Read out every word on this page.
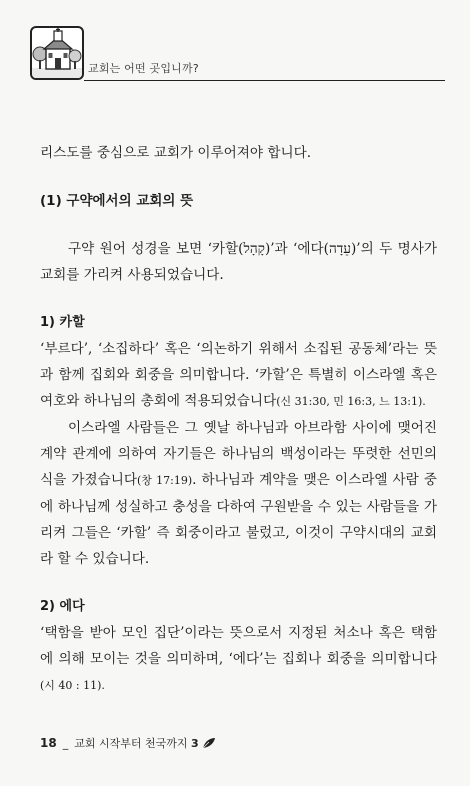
교회는 어떤 곳입니까?

리스도를 중심으로 교회가 이루어져야 합니다.

(1) 구약에서의 교회의 뜻

구약 원어 성경을 보면 ‘카할(קָהָל)’과 ‘에다(עֵדָה)’의 두 명사가 교회를 가리켜 사용되었습니다.

1) 카할

‘부르다’, ‘소집하다’ 혹은 ‘의논하기 위해서 소집된 공동체’라는 뜻과 함께 집회와 회중을 의미합니다. ‘카할’은 특별히 이스라엘 혹은 여호와 하나님의 총회에 적용되었습니다(신 31:30, 민 16:3, 느 13:1).

이스라엘 사람들은 그 옛날 하나님과 아브라함 사이에 맺어진 계약 관계에 의하여 자기들은 하나님의 백성이라는 뚜렷한 선민의식을 가졌습니다(창 17:19). 하나님과 계약을 맺은 이스라엘 사람 중에 하나님께 성실하고 충성을 다하여 구원받을 수 있는 사람들을 가리켜 그들은 ‘카할’ 즉 회중이라고 불렀고, 이것이 구약시대의 교회라 할 수 있습니다.

2) 에다

‘택함을 받아 모인 집단’이라는 뜻으로서 지정된 처소나 혹은 택함에 의해 모이는 것을 의미하며, ‘에다’는 집회나 회중을 의미합니다(시 40 : 11).

18 _ 교회 시작부터 천국까지 3
